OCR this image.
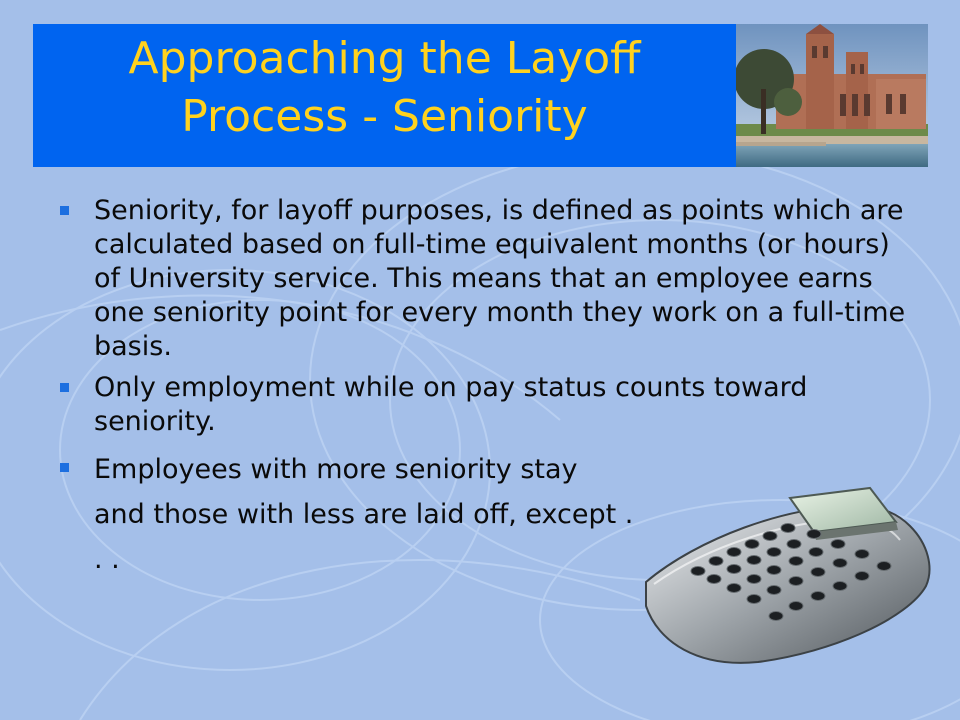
Approaching the Layoff
Process - Seniority
Seniority, for layoff purposes, is defined as points which are calculated based on full-time equivalent months (or hours) of University service. This means that an employee earns one seniority point for every month they work on a full-time basis.
Only employment while on pay status counts toward seniority.
Employees with more seniority stay and those with less are laid off, except . . .
